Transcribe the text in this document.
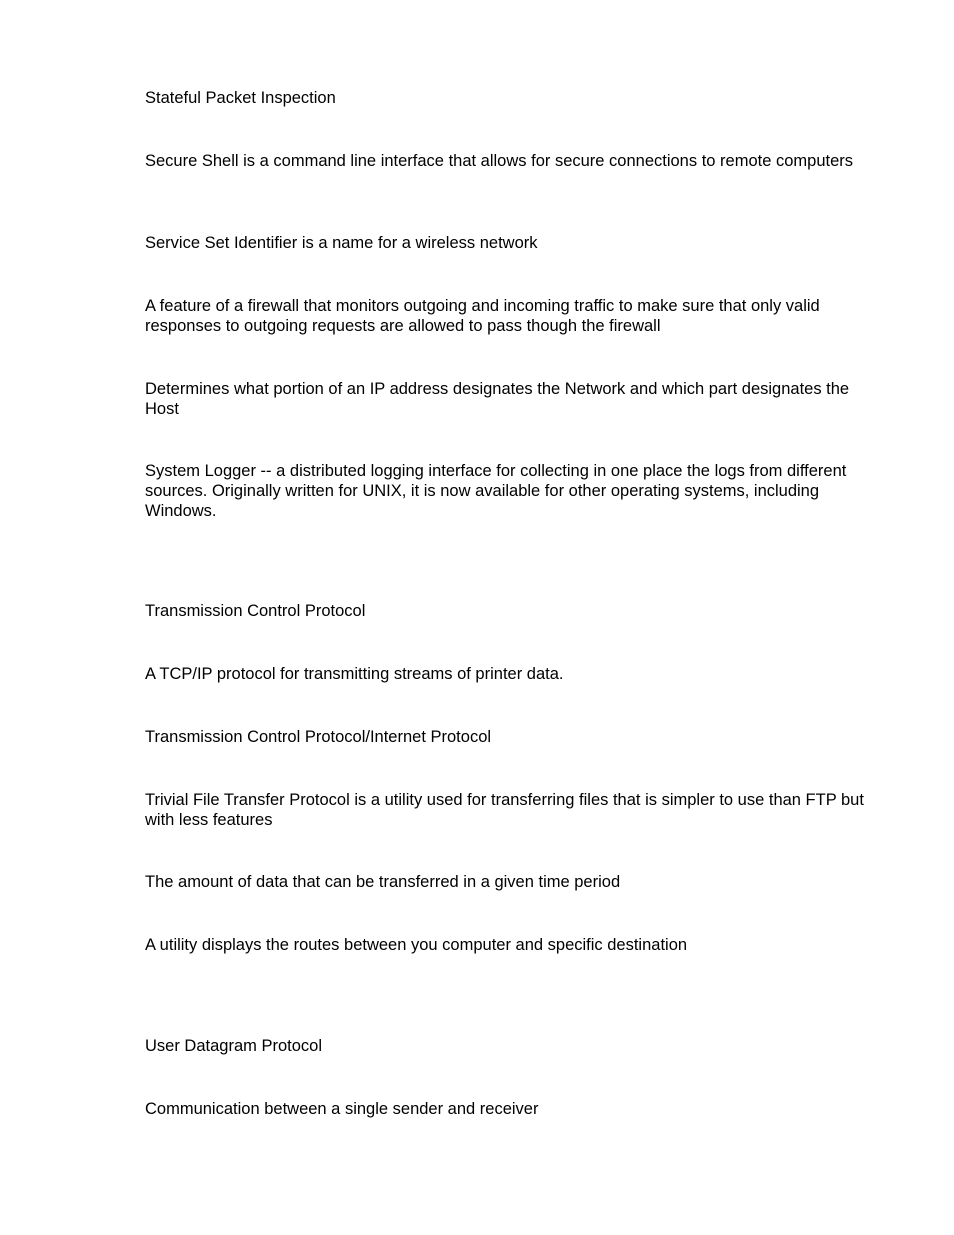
Stateful Packet Inspection

Secure Shell is a command line interface that allows for secure connections to remote computers

Service Set Identifier is a name for a wireless network

A feature of a firewall that monitors outgoing and incoming traffic to make sure that only valid responses to outgoing requests are allowed to pass though the firewall

Determines what portion of an IP address designates the Network and which part designates the Host

System Logger -- a distributed logging interface for collecting in one place the logs from different sources. Originally written for UNIX, it is now available for other operating systems, including Windows.

Transmission Control Protocol

A TCP/IP protocol for transmitting streams of printer data.

Transmission Control Protocol/Internet Protocol

Trivial File Transfer Protocol is a utility used for transferring files that is simpler to use than FTP but with less features

The amount of data that can be transferred in a given time period

A utility displays the routes between you computer and specific destination

User Datagram Protocol

Communication between a single sender and receiver
